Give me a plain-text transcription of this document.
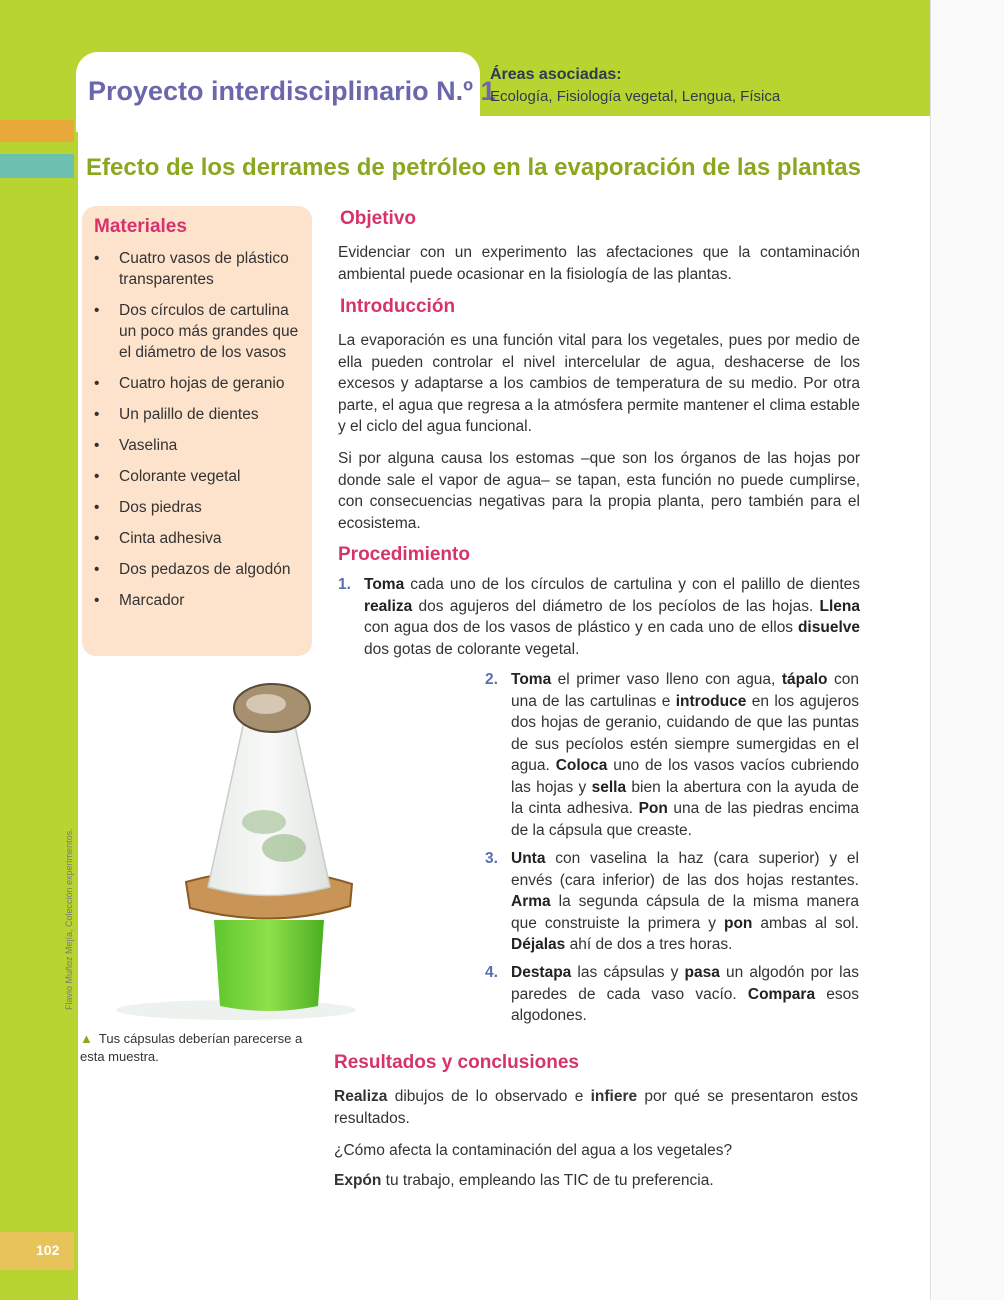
Proyecto interdisciplinario N.º 1
Áreas asociadas:
Ecología, Fisiología vegetal, Lengua, Física
Efecto de los derrames de petróleo en la evaporación de las plantas
Materiales
• Cuatro vasos de plástico transparentes
• Dos círculos de cartulina un poco más grandes que el diámetro de los vasos
• Cuatro hojas de geranio
• Un palillo de dientes
• Vaselina
• Colorante vegetal
• Dos piedras
• Cinta adhesiva
• Dos pedazos de algodón
• Marcador
Objetivo

Evidenciar con un experimento las afectaciones que la contaminación ambiental puede ocasionar en la fisiología de las plantas.

Introducción

La evaporación es una función vital para los vegetales, pues por medio de ella pueden controlar el nivel intercelular de agua, deshacerse de los excesos y adaptarse a los cambios de temperatura de su medio. Por otra parte, el agua que regresa a la atmósfera permite mantener el clima estable y el ciclo del agua funcional.

Si por alguna causa los estomas –que son los órganos de las hojas por donde sale el vapor de agua– se tapan, esta función no puede cumplirse, con consecuencias negativas para la propia planta, pero también para el ecosistema.

Procedimiento
1. Toma cada uno de los círculos de cartulina y con el palillo de dientes realiza dos agujeros del diámetro de los pecíolos de las hojas. Llena con agua dos de los vasos de plástico y en cada uno de ellos disuelve dos gotas de colorante vegetal.
2. Toma el primer vaso lleno con agua, tápalo con una de las cartulinas e introduce en los agujeros dos hojas de geranio, cuidando de que las puntas de sus pecíolos estén siempre sumergidas en el agua. Coloca uno de los vasos vacíos cubriendo las hojas y sella bien la abertura con la ayuda de la cinta adhesiva. Pon una de las piedras encima de la cápsula que creaste.
3. Unta con vaselina la haz (cara superior) y el envés (cara inferior) de las dos hojas restantes. Arma la segunda cápsula de la misma manera que construiste la primera y pon ambas al sol. Déjalas ahí de dos a tres horas.
4. Destapa las cápsulas y pasa un algodón por las paredes de cada vaso vacío. Compara esos algodones.
Flavio Muñoz Mejía, Colección experimentos.
▲ Tus cápsulas deberían parecerse a esta muestra.	Resultados y conclusiones

Realiza dibujos de lo observado e infiere por qué se presentaron estos resultados.

¿Cómo afecta la contaminación del agua a los vegetales?

Expón tu trabajo, empleando las TIC de tu preferencia.

102
